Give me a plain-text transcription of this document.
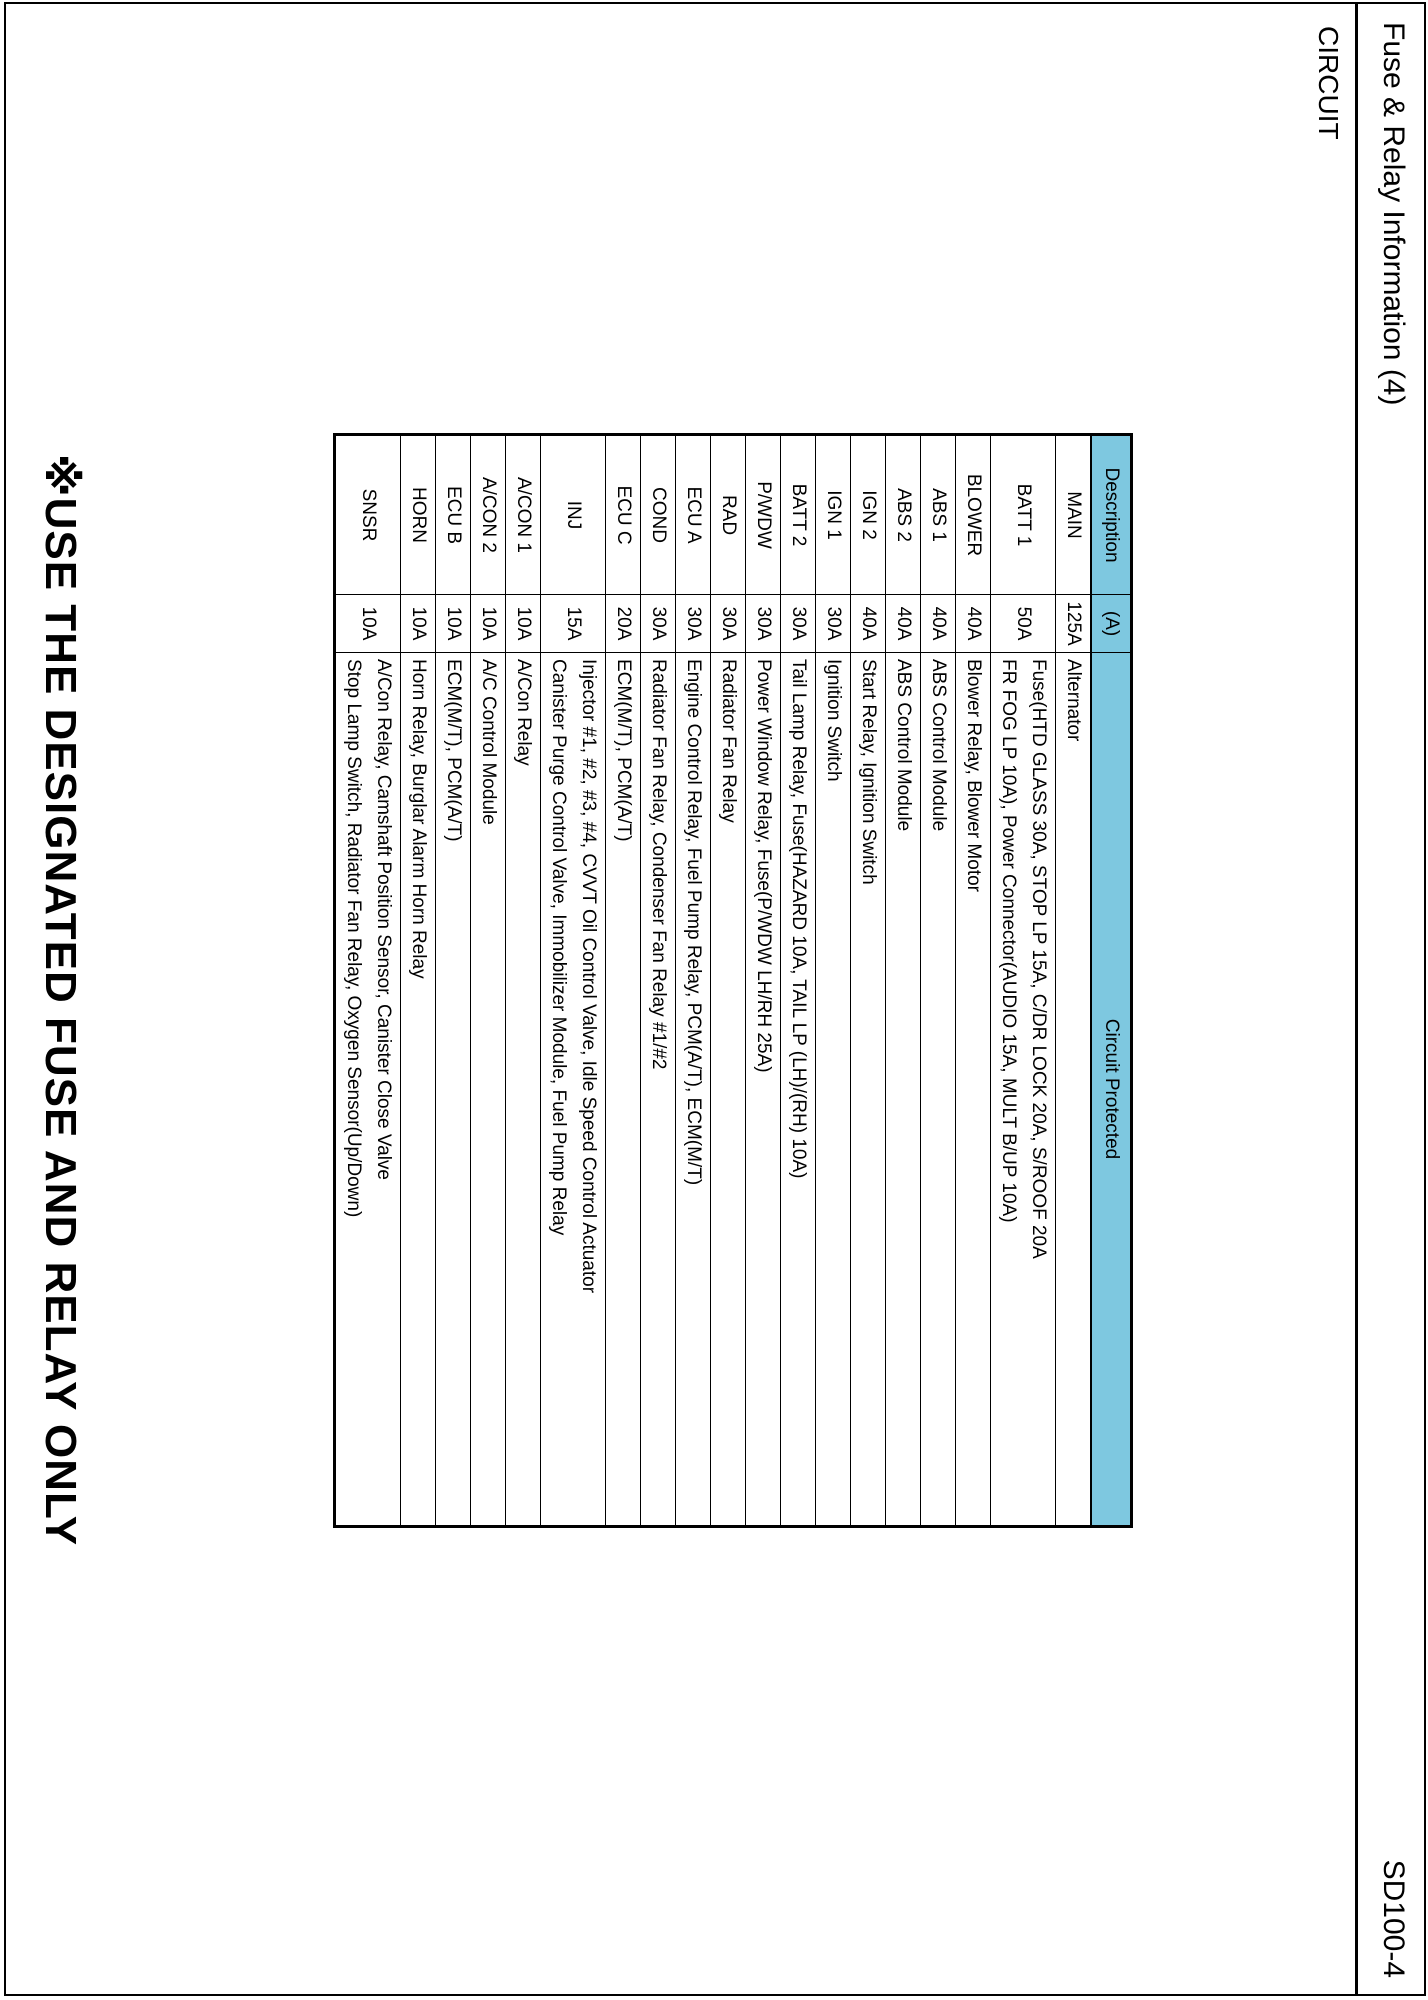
Fuse & Relay Information (4)
SD100-4
CIRCUIT
Description	(A)	Circuit Protected
MAIN	125A	Alternator

BATT 1	50A	Fuse(HTD GLASS 30A, STOP LP 15A, C/DR LOCK 20A, S/ROOF 20A
FR FOG LP 10A), Power Connector(AUDIO 15A, MULT B/UP 10A)

BLOWER	40A	Blower Relay, Blower Motor

ABS 1	40A	ABS Control Module

ABS 2	40A	ABS Control Module

IGN 2	40A	Start Relay, Ignition Switch

IGN 1	30A	Ignition Switch

BATT 2	30A	Tail Lamp Relay, Fuse(HAZARD 10A, TAIL LP (LH)/(RH) 10A)

P/WDW	30A	Power Window Relay, Fuse(P/WDW LH/RH 25A)

RAD	30A	Radiator Fan Relay

ECU A	30A	Engine Control Relay, Fuel Pump Relay, PCM(A/T), ECM(M/T)

COND	30A	Radiator Fan Relay, Condenser Fan Relay #1/#2

ECU C	20A	ECM(M/T), PCM(A/T)

INJ	15A	Injector #1, #2, #3, #4, CVVT Oil Control Valve, Idle Speed Control Actuator
Canister Purge Control Valve, Immobilizer Module, Fuel Pump Relay

A/CON 1	10A	A/Con Relay

A/CON 2	10A	A/C Control Module

ECU B	10A	ECM(M/T), PCM(A/T)

HORN	10A	Horn Relay, Burglar Alarm Horn Relay

SNSR	10A	A/Con Relay, Camshaft Position Sensor, Canister Close Valve
Stop Lamp Switch, Radiator Fan Relay, Oxygen Sensor(Up/Down)
※USE THE DESIGNATED FUSE AND RELAY ONLY
